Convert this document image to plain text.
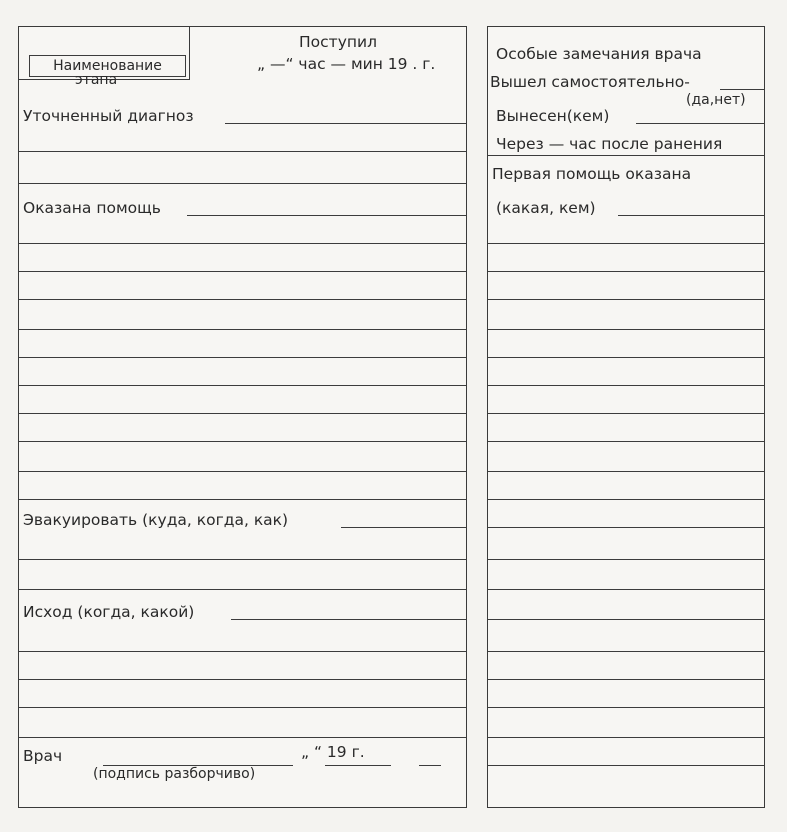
Наименование
этапа
Поступил
„ —“ час — мин 19 . г.
Уточненный диагноз
Оказана помощь
Эвакуировать (куда, когда, как)
Исход (когда, какой)
Врач	„ “ 19 г.
(подпись разборчиво)
Особые замечания врача
Вышел самостоятельно-
(да,нет)
Вынесен(кем)
Через — час после ранения
Первая помощь оказана
(какая, кем)
